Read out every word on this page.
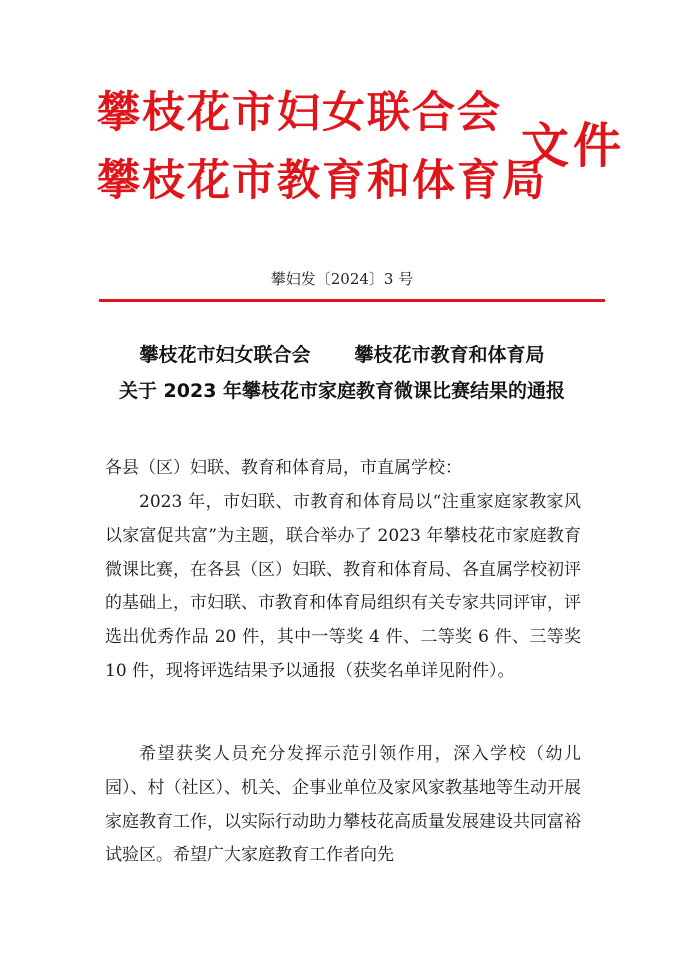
攀枝花市妇女联合会
攀枝花市教育和体育局
文件
攀妇发〔2024〕3 号
攀枝花市妇女联合会 攀枝花市教育和体育局
关于 2023 年攀枝花市家庭教育微课比赛结果的通报
各县（区）妇联、教育和体育局，市直属学校：

2023 年，市妇联、市教育和体育局以“注重家庭家教家风 以家富促共富”为主题，联合举办了 2023 年攀枝花市家庭教育微课比赛，在各县（区）妇联、教育和体育局、各直属学校初评的基础上，市妇联、市教育和体育局组织有关专家共同评审，评选出优秀作品 20 件，其中一等奖 4 件、二等奖 6 件、三等奖 10 件，现将评选结果予以通报（获奖名单详见附件）。

希望获奖人员充分发挥示范引领作用，深入学校（幼儿园）、村（社区）、机关、企事业单位及家风家教基地等生动开展家庭教育工作，以实际行动助力攀枝花高质量发展建设共同富裕试验区。希望广大家庭教育工作者向先
